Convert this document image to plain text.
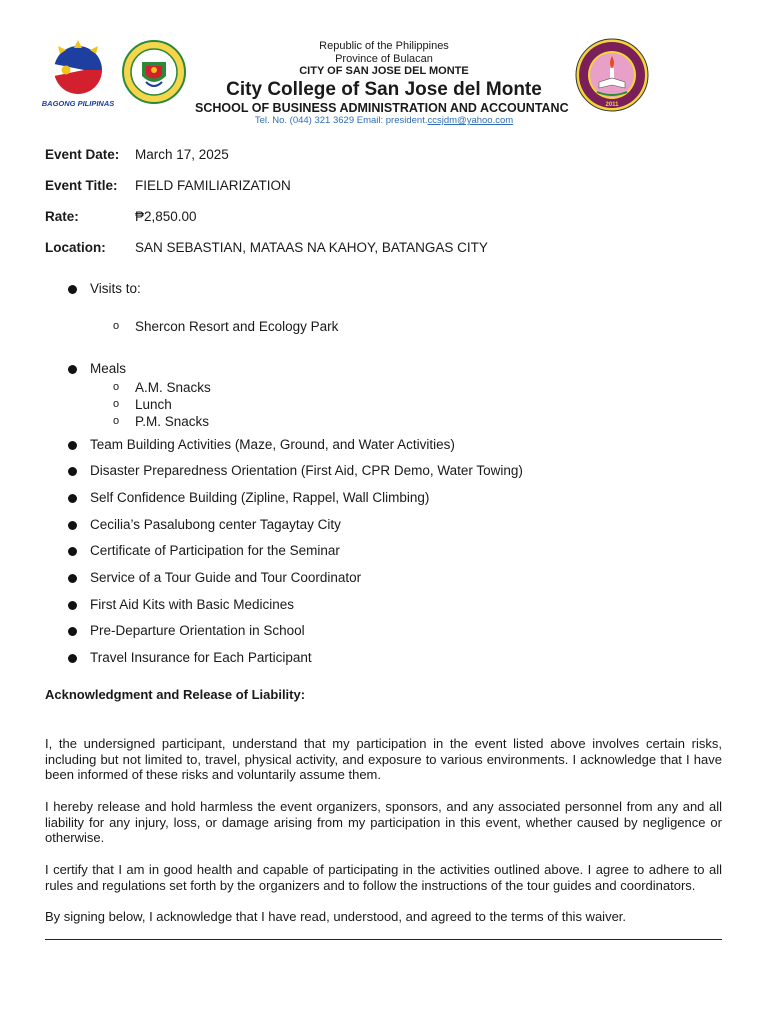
BAGONG PILIPINAS
Republic of the Philippines
Province of Bulacan
CITY OF SAN JOSE DEL MONTE
City College of San Jose del Monte
SCHOOL OF BUSINESS ADMINISTRATION AND ACCOUNTANC
Tel. No. (044) 321 3629 Email: president.ccsjdm@yahoo.com
2011
Event Date:	March 17, 2025
Event Title:	FIELD FAMILIARIZATION
Rate:	₱2,850.00
Location:	SAN SEBASTIAN, MATAAS NA KAHOY, BATANGAS CITY
Visits to:
o Shercon Resort and Ecology Park
Meals
o A.M. Snacks
o Lunch
o P.M. Snacks
Team Building Activities (Maze, Ground, and Water Activities)
Disaster Preparedness Orientation (First Aid, CPR Demo, Water Towing)
Self Confidence Building (Zipline, Rappel, Wall Climbing)
Cecilia’s Pasalubong center Tagaytay City
Certificate of Participation for the Seminar
Service of a Tour Guide and Tour Coordinator
First Aid Kits with Basic Medicines
Pre-Departure Orientation in School
Travel Insurance for Each Participant
Acknowledgment and Release of Liability:
I, the undersigned participant, understand that my participation in the event listed above involves certain risks, including but not limited to, travel, physical activity, and exposure to various environments. I acknowledge that I have been informed of these risks and voluntarily assume them.
I hereby release and hold harmless the event organizers, sponsors, and any associated personnel from any and all liability for any injury, loss, or damage arising from my participation in this event, whether caused by negligence or otherwise.
I certify that I am in good health and capable of participating in the activities outlined above. I agree to adhere to all rules and regulations set forth by the organizers and to follow the instructions of the tour guides and coordinators.
By signing below, I acknowledge that I have read, understood, and agreed to the terms of this waiver.
